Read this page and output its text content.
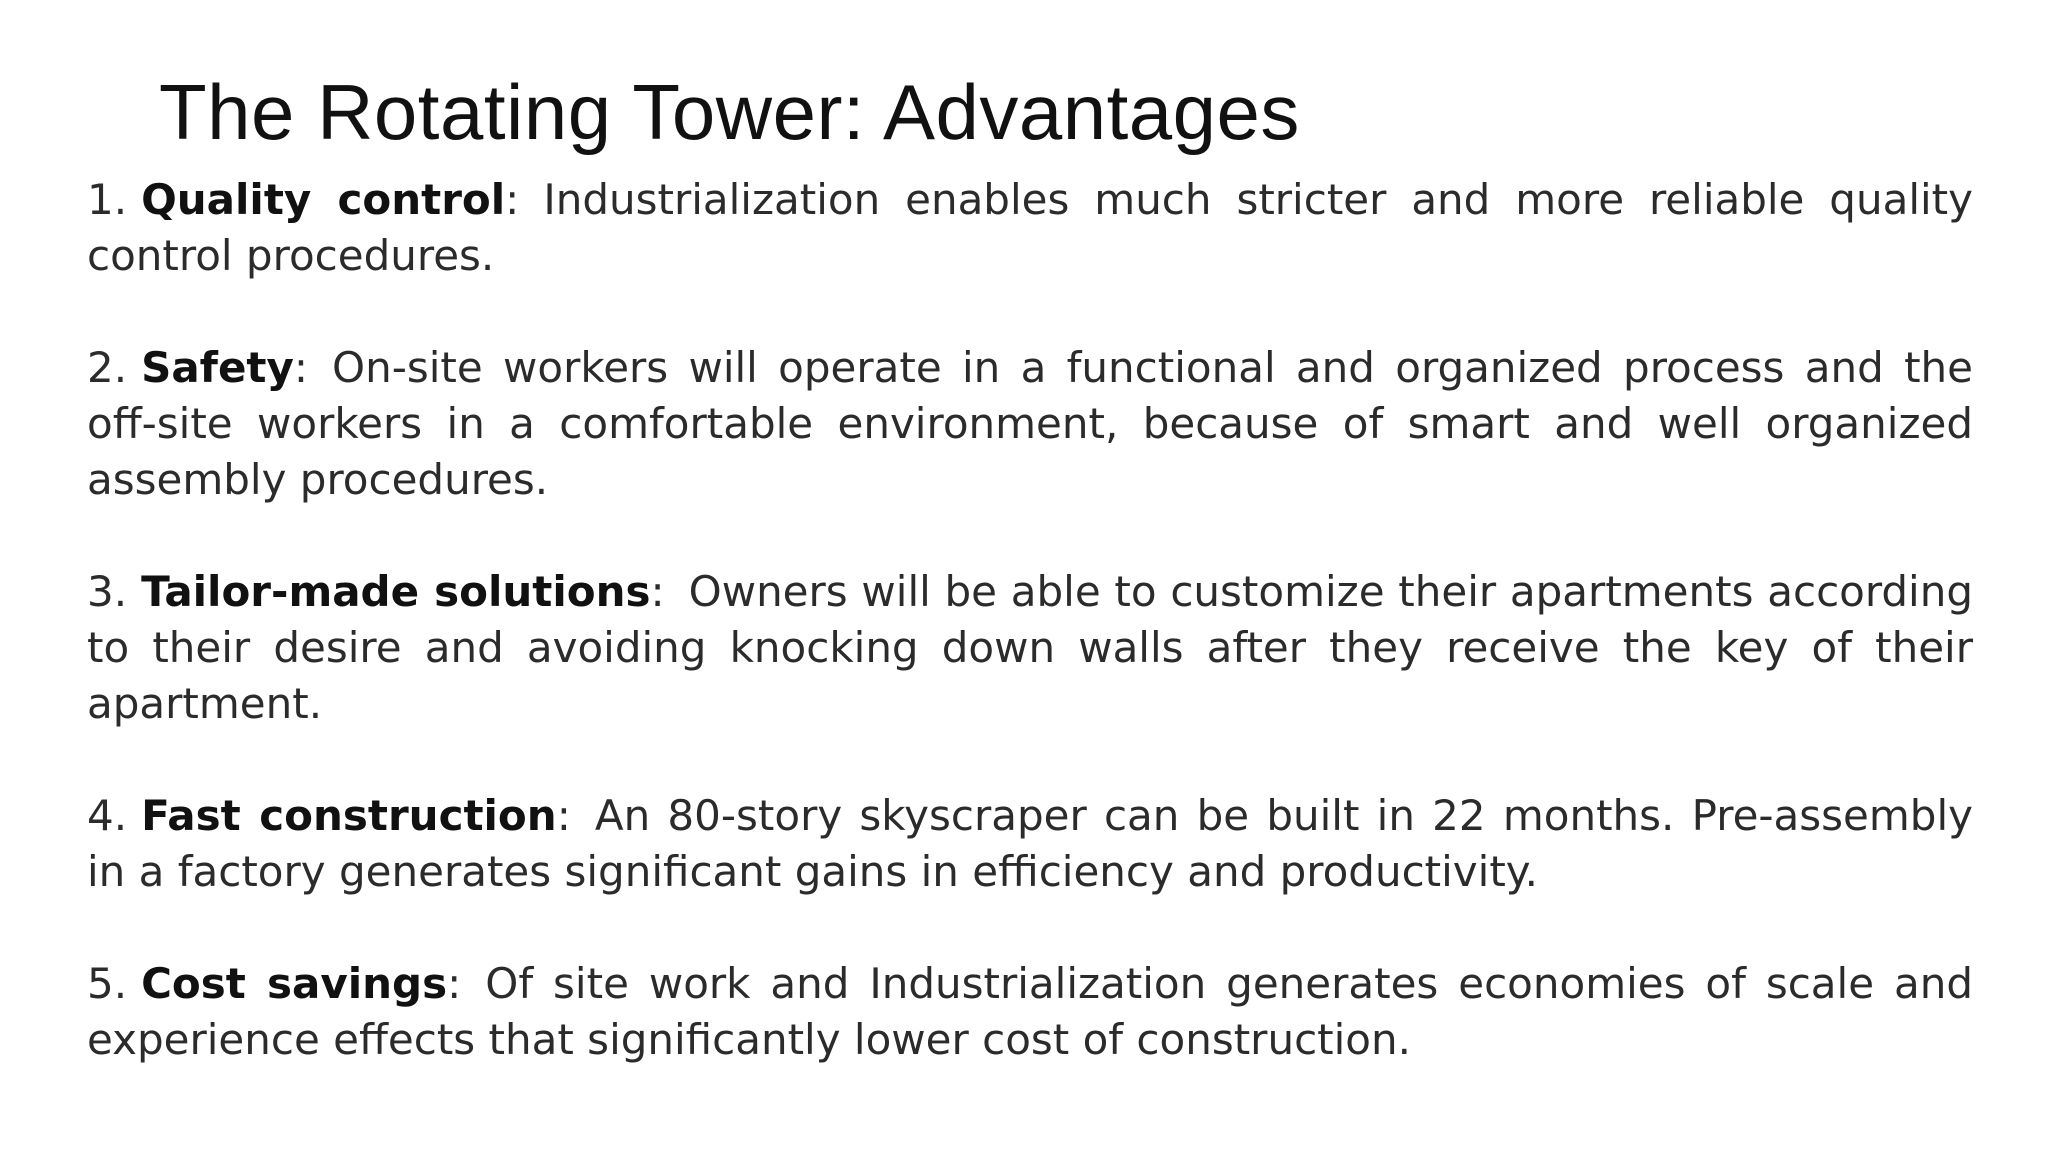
The Rotating Tower: Advantages
1. Quality control: Industrialization enables much stricter and more reliable quality control procedures.
2. Safety: On-site workers will operate in a functional and organized process and the off-site workers in a comfortable environment, because of smart and well organized assembly procedures.
3. Tailor-made solutions: Owners will be able to customize their apartments according to their desire and avoiding knocking down walls after they receive the key of their apartment.
4. Fast construction: An 80-story skyscraper can be built in 22 months. Pre-assembly in a factory generates significant gains in efficiency and productivity.
5. Cost savings: Of site work and Industrialization generates economies of scale and experience effects that significantly lower cost of construction.
